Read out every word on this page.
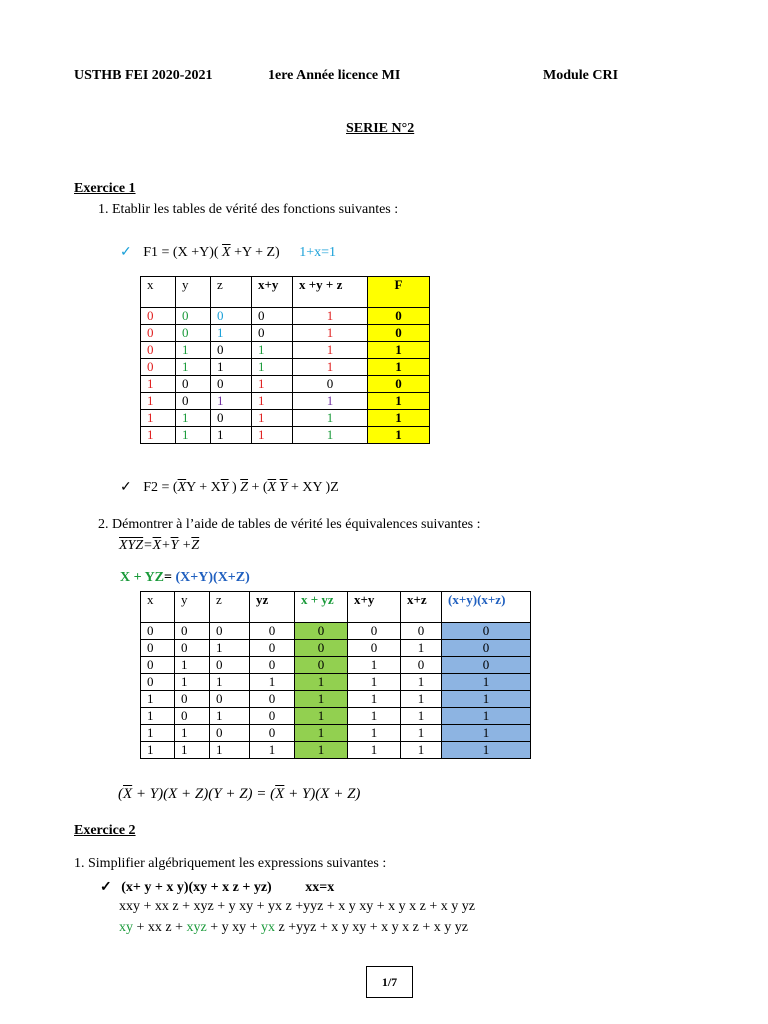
USTHB FEI 2020-2021	1ere Année licence MI	Module CRI
SERIE N°2
Exercice 1
1. Etablir les tables de vérité des fonctions suivantes :
✓ F1 = (X +Y)( $\overline{X} +Y + Z$) 1+x=1
x	y	z	x+y	x +y + z	F
0	0	0	0	1	0
0	0	1	0	1	0
0	1	0	1	1	1
0	1	1	1	1	1
1	0	0	1	0	0
1	0	1	1	1	1
1	1	0	1	1	1
1	1	1	1	1	1
✓ $F2 = (\overline{X}Y + X\overline{Y}$ ) $\overline{Z} + (\overline{X}$ $\overline{Y}$ + XY )Z
2. Démontrer à l’aide de tables de vérité les équivalences suivantes :
$\overline{XYZ}=\overline{X}+\overline{Y} +\overline{Z}$
X + YZ= (X+Y)(X+Z)
x	y	z	yz	x + yz	x+y	x+z	(x+y)(x+z)
0	0	0	0	0	0	0	0
0	0	1	0	0	0	1	0
0	1	0	0	0	1	0	0
0	1	1	1	1	1	1	1
1	0	0	0	1	1	1	1
1	0	1	0	1	1	1	1
1	1	0	0	1	1	1	1
1	1	1	1	1	1	1	1
$(\overline{X} + Y)(X + Z)(Y + Z) = (\overline{X} + Y)(X + Z)$
Exercice 2
1. Simplifier algébriquement les expressions suivantes :
✓ (x+ y + x y)(xy + x z + yz) xx=x
xxy + xx z + xyz + y xy + yx z +yyz + x y xy + x y x z + x y yz
xy + xx z + xyz + y xy + yx z +yyz + x y xy + x y x z + x y yz
1/7
